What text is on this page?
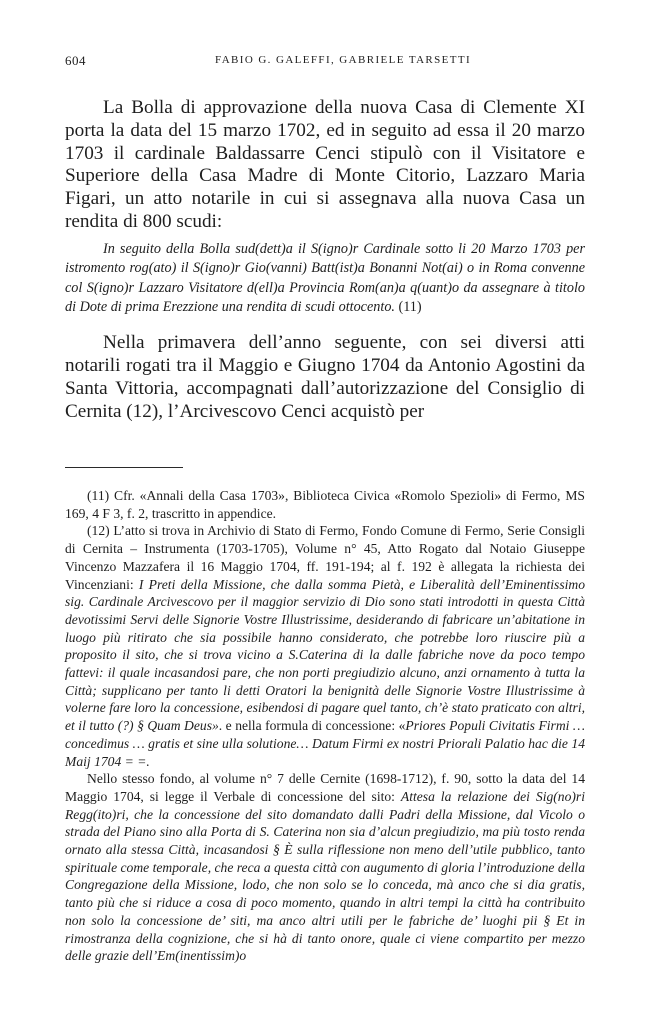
604	FABIO G. GALEFFI, GABRIELE TARSETTI

La Bolla di approvazione della nuova Casa di Clemente XI porta la data del 15 marzo 1702, ed in seguito ad essa il 20 marzo 1703 il cardinale Baldassarre Cenci stipulò con il Visitatore e Superiore della Casa Madre di Monte Citorio, Lazzaro Maria Figari, un atto notarile in cui si assegnava alla nuova Casa un rendita di 800 scudi:

In seguito della Bolla sud(dett)a il S(igno)r Cardinale sotto li 20 Marzo 1703 per istromento rog(ato) il S(igno)r Gio(vanni) Batt(ist)a Bonanni Not(ai) o in Roma convenne col S(igno)r Lazzaro Visitatore d(ell)a Provincia Rom(an)a q(uant)o da assegnare à titolo di Dote di prima Erezzione una rendita di scudi ottocento. (11)

Nella primavera dell’anno seguente, con sei diversi atti notarili rogati tra il Maggio e Giugno 1704 da Antonio Agostini da Santa Vittoria, accompagnati dall’autorizzazione del Consiglio di Cernita (12), l’Arcivescovo Cenci acquistò per

(11) Cfr. «Annali della Casa 1703», Biblioteca Civica «Romolo Spezioli» di Fermo, MS 169, 4 F 3, f. 2, trascritto in appendice.

(12) L’atto si trova in Archivio di Stato di Fermo, Fondo Comune di Fermo, Serie Consigli di Cernita – Instrumenta (1703-1705), Volume n° 45, Atto Rogato dal Notaio Giuseppe Vincenzo Mazzafera il 16 Maggio 1704, ff. 191-194; al f. 192 è allegata la richiesta dei Vincenziani: I Preti della Missione, che dalla somma Pietà, e Liberalità dell’Eminentissimo sig. Cardinale Arcivescovo per il maggior servizio di Dio sono stati introdotti in questa Città devotissimi Servi delle Signorie Vostre Illustrissime, desiderando di fabricare un’abitatione in luogo più ritirato che sia possibile hanno considerato, che potrebbe loro riuscire più a proposito il sito, che si trova vicino a S.Caterina di la dalle fabriche nove da poco tempo fattevi: il quale incasandosi pare, che non porti pregiudizio alcuno, anzi ornamento à tutta la Città; supplicano per tanto li detti Oratori la benignità delle Signorie Vostre Illustrissime à volerne fare loro la concessione, esibendosi di pagare quel tanto, ch’è stato praticato con altri, et il tutto (?) § Quam Deus». e nella formula di concessione: «Priores Populi Civitatis Firmi … concedimus … gratis et sine ulla solutione… Datum Firmi ex nostri Priorali Palatio hac die 14 Maij 1704 = =.

Nello stesso fondo, al volume n° 7 delle Cernite (1698-1712), f. 90, sotto la data del 14 Maggio 1704, si legge il Verbale di concessione del sito: Attesa la relazione dei Sig(no)ri Regg(ito)ri, che la concessione del sito domandato dalli Padri della Missione, dal Vicolo o strada del Piano sino alla Porta di S. Caterina non sia d’alcun pregiudizio, ma più tosto renda ornato alla stessa Città, incasandosi § È sulla riflessione non meno dell’utile pubblico, tanto spirituale come temporale, che reca a questa città con augumento di gloria l’introduzione della Congregazione della Missione, lodo, che non solo se lo conceda, mà anco che si dia gratis, tanto più che si riduce a cosa di poco momento, quando in altri tempi la città ha contribuito non solo la concessione de’ siti, ma anco altri utili per le fabriche de’ luoghi pii § Et in rimostranza della cognizione, che si hà di tanto onore, quale ci viene compartito per mezzo delle grazie dell’Em(inentissim)o
